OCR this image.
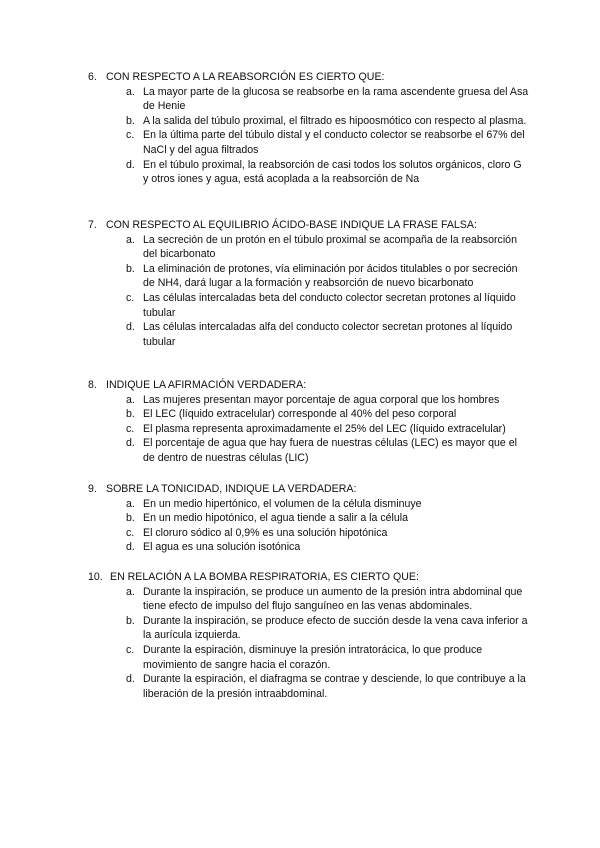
6. CON RESPECTO A LA REABSORCIÓN ES CIERTO QUE:
a. La mayor parte de la glucosa se reabsorbe en la rama ascendente gruesa del Asa de Henie
b. A la salida del túbulo proximal, el filtrado es hipoosmótico con respecto al plasma.
c. En la última parte del túbulo distal y el conducto colector se reabsorbe el 67% del NaCl y del agua filtrados
d. En el túbulo proximal, la reabsorción de casi todos los solutos orgánicos, cloro G y otros iones y agua, está acoplada a la reabsorción de Na
7. CON RESPECTO AL EQUILIBRIO ÁCIDO-BASE INDIQUE LA FRASE FALSA:
a. La secreción de un protón en el túbulo proximal se acompaña de la reabsorción del bicarbonato
b. La eliminación de protones, vía eliminación por ácidos titulables o por secreción de NH4, dará lugar a la formación y reabsorción de nuevo bicarbonato
c. Las células intercaladas beta del conducto colector secretan protones al líquido tubular
d. Las células intercaladas alfa del conducto colector secretan protones al líquido tubular
8. INDIQUE LA AFIRMACIÓN VERDADERA:
a. Las mujeres presentan mayor porcentaje de agua corporal que los hombres
b. El LEC (líquido extracelular) corresponde al 40% del peso corporal
c. El plasma representa aproximadamente el 25% del LEC (líquido extracelular)
d. El porcentaje de agua que hay fuera de nuestras células (LEC) es mayor que el de dentro de nuestras células (LIC)
9. SOBRE LA TONICIDAD, INDIQUE LA VERDADERA:
a. En un medio hipertónico, el volumen de la célula disminuye
b. En un medio hipotónico, el agua tiende a salir a la célula
c. El cloruro sódico al 0,9% es una solución hipotónica
d. El agua es una solución isotónica
10. EN RELACIÓN A LA BOMBA RESPIRATORIA, ES CIERTO QUE:
a. Durante la inspiración, se produce un aumento de la presión intra abdominal que tiene efecto de impulso del flujo sanguíneo en las venas abdominales.
b. Durante la inspiración, se produce efecto de succión desde la vena cava inferior a la aurícula izquierda.
c. Durante la espiración, disminuye la presión intratorácica, lo que produce movimiento de sangre hacia el corazón.
d. Durante la espiración, el diafragma se contrae y desciende, lo que contribuye a la liberación de la presión intraabdominal.
